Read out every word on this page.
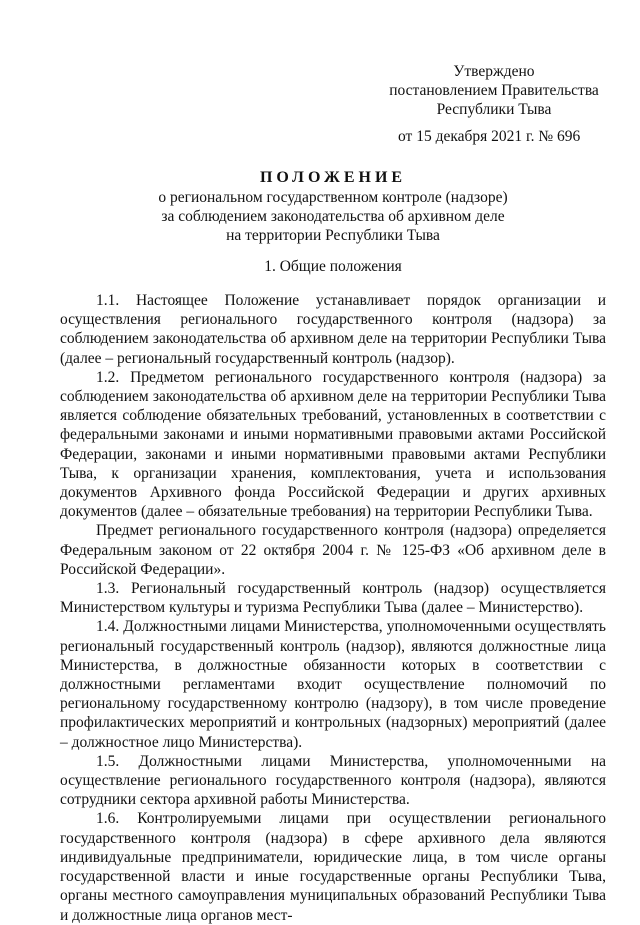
Утверждено
постановлением Правительства
Республики Тыва
от 15 декабря 2021 г. № 696
ПОЛОЖЕНИЕ
о региональном государственном контроле (надзоре)
за соблюдением законодательства об архивном деле
на территории Республики Тыва
1. Общие положения

1.1. Настоящее Положение устанавливает порядок организации и осуществления регионального государственного контроля (надзора) за соблюдением законодательства об архивном деле на территории Республики Тыва (далее – региональный государственный контроль (надзор).

1.2. Предметом регионального государственного контроля (надзора) за соблюдением законодательства об архивном деле на территории Республики Тыва является соблюдение обязательных требований, установленных в соответствии с федеральными законами и иными нормативными правовыми актами Российской Федерации, законами и иными нормативными правовыми актами Республики Тыва, к организации хранения, комплектования, учета и использования документов Архивного фонда Российской Федерации и других архивных документов (далее – обязательные требования) на территории Республики Тыва.

Предмет регионального государственного контроля (надзора) определяется Федеральным законом от 22 октября 2004 г. № 125-ФЗ «Об архивном деле в Российской Федерации».

1.3. Региональный государственный контроль (надзор) осуществляется Министерством культуры и туризма Республики Тыва (далее – Министерство).

1.4. Должностными лицами Министерства, уполномоченными осуществлять региональный государственный контроль (надзор), являются должностные лица Министерства, в должностные обязанности которых в соответствии с должностными регламентами входит осуществление полномочий по региональному государственному контролю (надзору), в том числе проведение профилактических мероприятий и контрольных (надзорных) мероприятий (далее – должностное лицо Министерства).

1.5. Должностными лицами Министерства, уполномоченными на осуществление регионального государственного контроля (надзора), являются сотрудники сектора архивной работы Министерства.

1.6. Контролируемыми лицами при осуществлении регионального государственного контроля (надзора) в сфере архивного дела являются индивидуальные предприниматели, юридические лица, в том числе органы государственной власти и иные государственные органы Республики Тыва, органы местного самоуправления муниципальных образований Республики Тыва и должностные лица органов мест-
